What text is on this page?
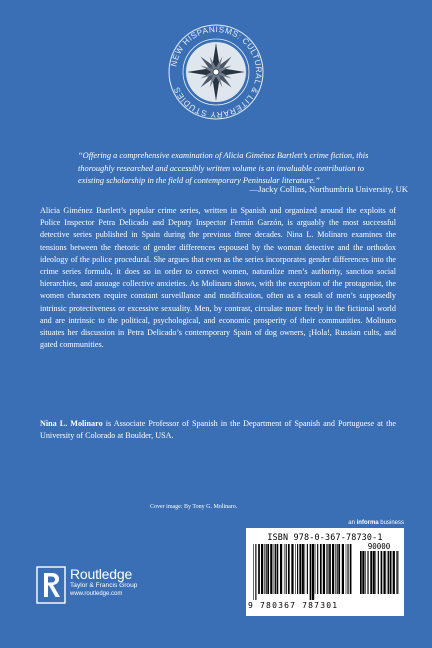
NEW HISPANISMS: CULTURAL & LITERARY STUDIES

“Offering a comprehensive examination of Alicia Giménez Bartlett’s crime fiction, this thoroughly researched and accessibly written volume is an invaluable contribution to existing scholarship in the field of contemporary Peninsular literature.”

—Jacky Collins, Northumbria University, UK

Alicia Giménez Bartlett’s popular crime series, written in Spanish and organized around the exploits of Police Inspector Petra Delicado and Deputy Inspector Fermín Garzón, is arguably the most successful detective series published in Spain during the previous three decades. Nina L. Molinaro examines the tensions between the rhetoric of gender differences espoused by the woman detective and the orthodox ideology of the police procedural. She argues that even as the series incorporates gender differences into the crime series formula, it does so in order to correct women, naturalize men’s authority, sanction social hierarchies, and assuage collective anxieties. As Molinaro shows, with the exception of the protagonist, the women characters require constant surveillance and modification, often as a result of men’s supposedly intrinsic protectiveness or excessive sexuality. Men, by contrast, circulate more freely in the fictional world and are intrinsic to the political, psychological, and economic prosperity of their communities. Molinaro situates her discussion in Petra Delicado’s contemporary Spain of dog owners, ¡Hola!, Russian cults, and gated communities.

Nina L. Molinaro is Associate Professor of Spanish in the Department of Spanish and Portuguese at the University of Colorado at Boulder, USA.

Cover image: By Tony G. Molinaro.

an informa business

ISBN 978-0-367-78730-1
90000
9 780367 787301

Routledge

Taylor & Francis Group

www.routledge.com
